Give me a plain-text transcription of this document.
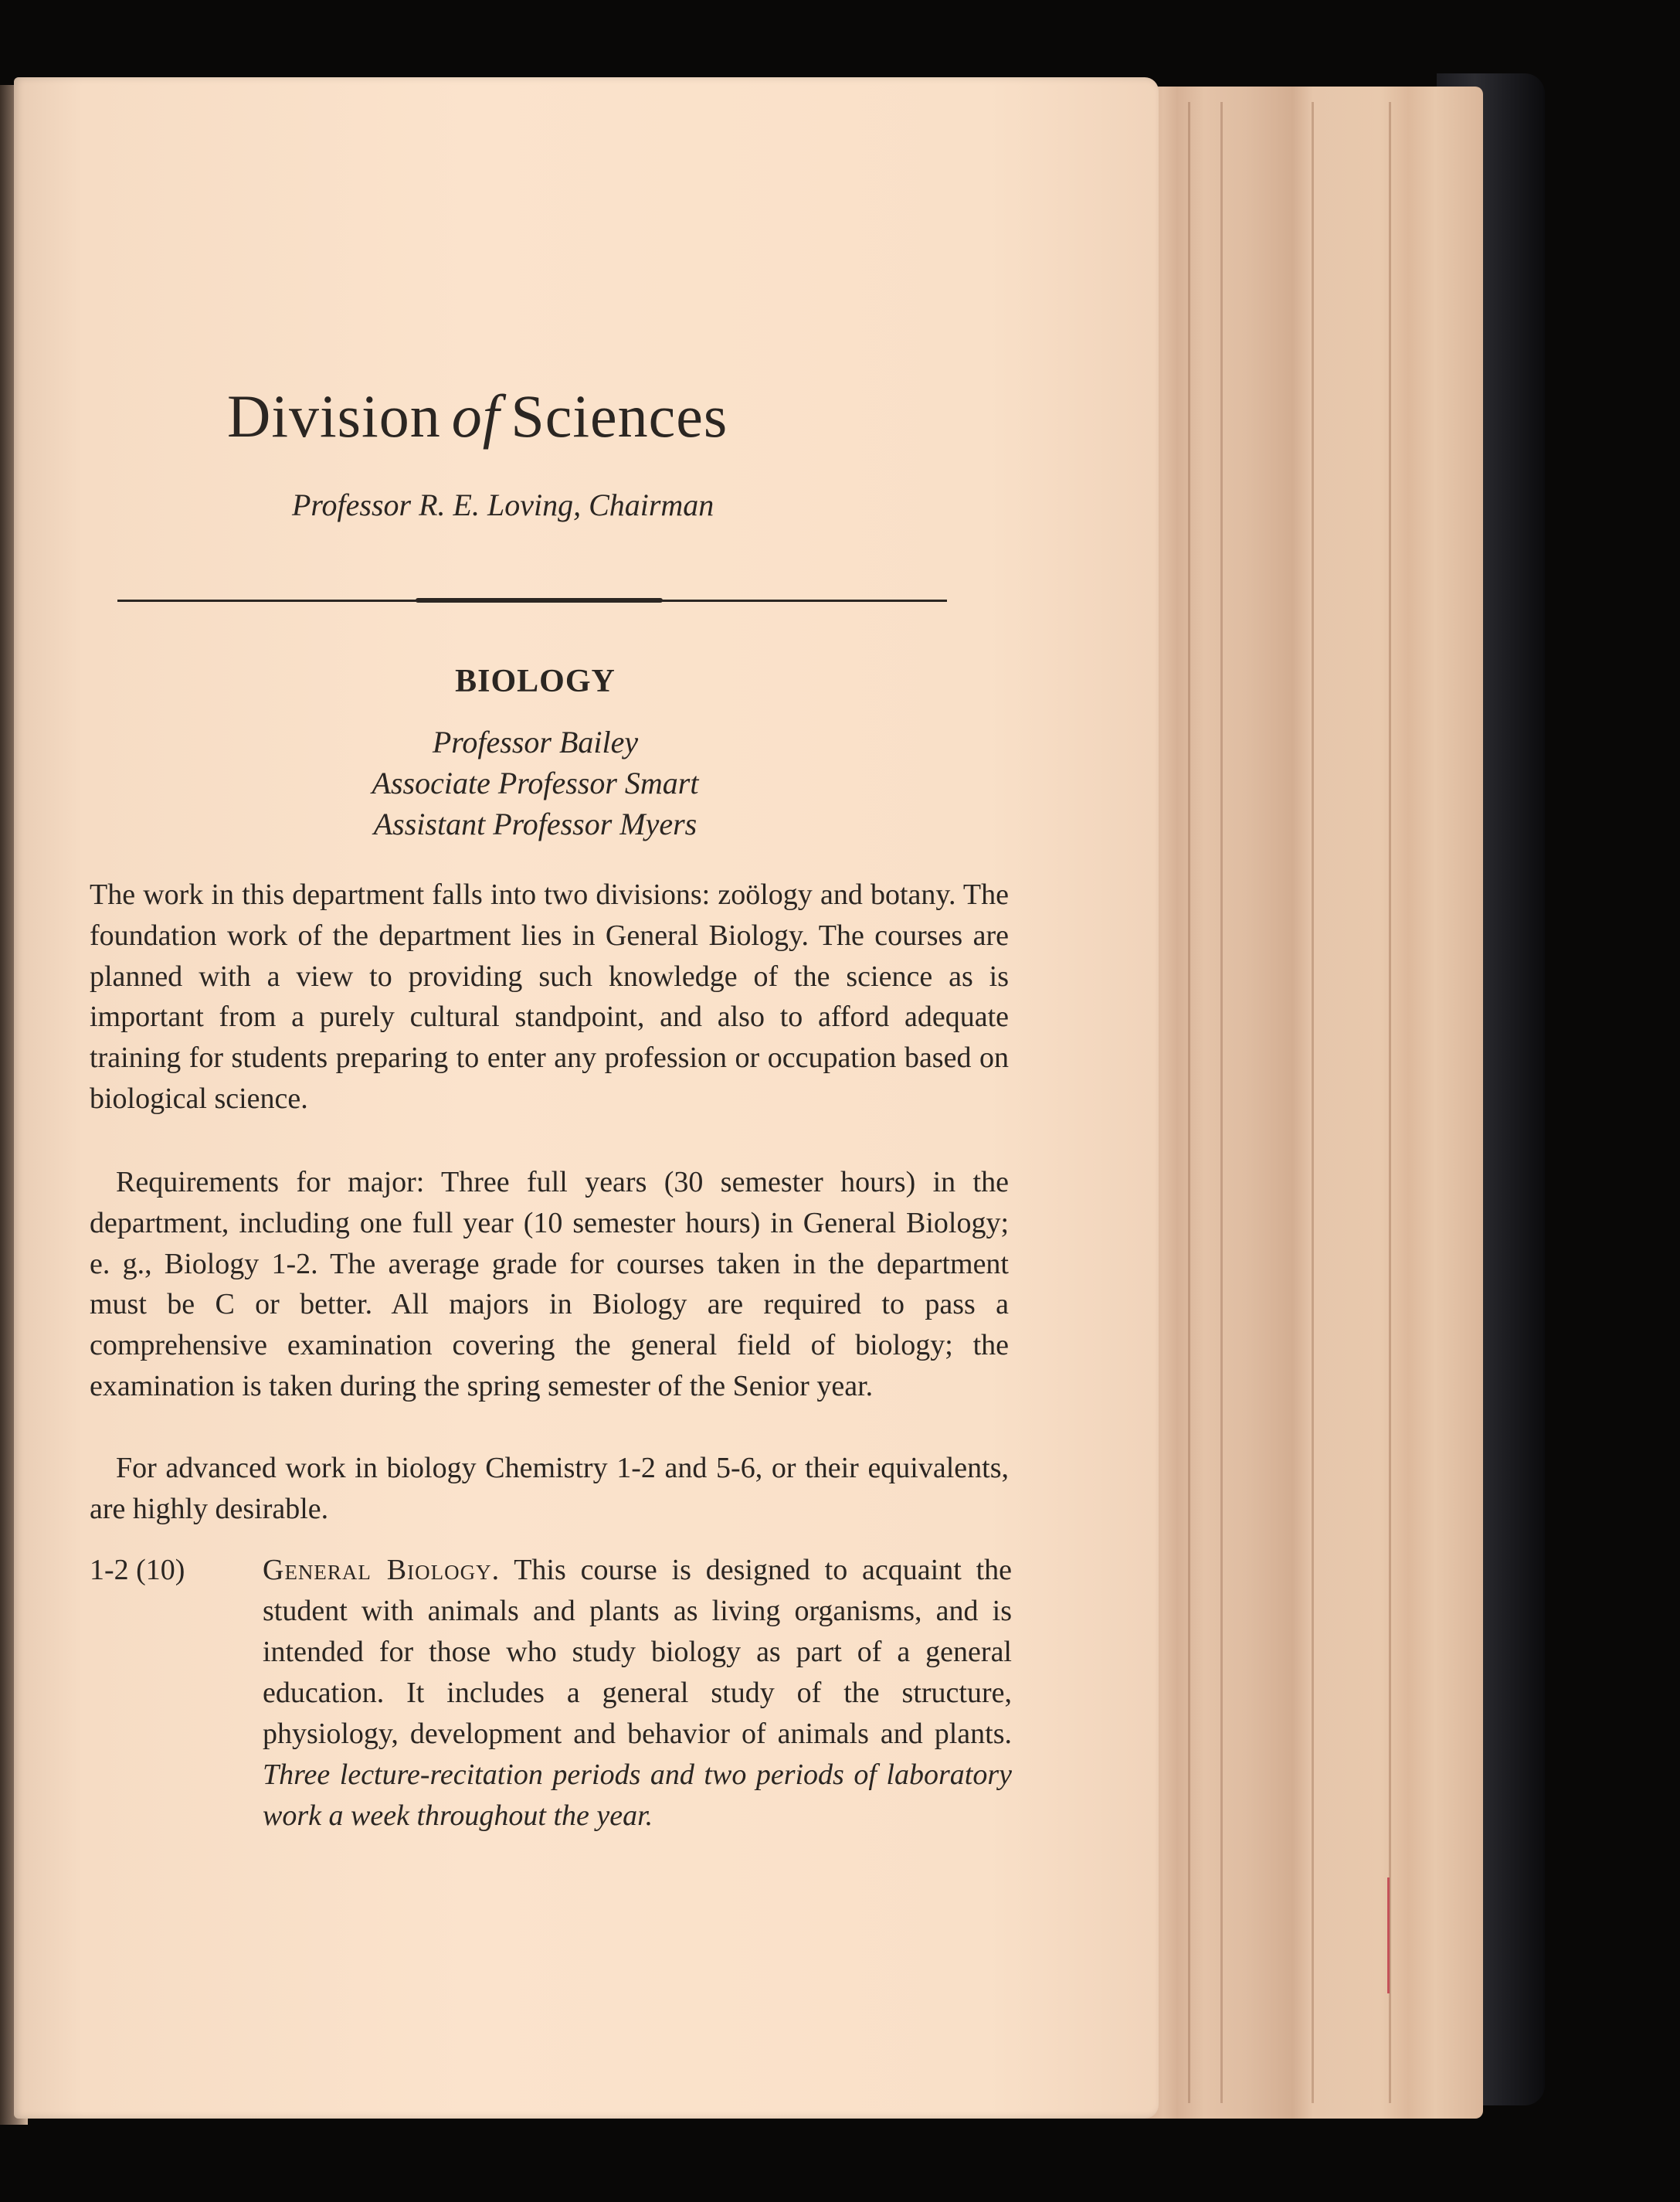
Division of Sciences
Professor R. E. Loving, Chairman
BIOLOGY
Professor Bailey
Associate Professor Smart
Assistant Professor Myers
The work in this department falls into two divisions: zoölogy and botany. The foundation work of the department lies in General Biology. The courses are planned with a view to providing such knowledge of the science as is important from a purely cultural standpoint, and also to afford adequate training for students preparing to enter any profession or occupation based on biological science.
Requirements for major: Three full years (30 semester hours) in the department, including one full year (10 semester hours) in General Biology; e. g., Biology 1-2. The average grade for courses taken in the department must be C or better. All majors in Biology are required to pass a comprehensive examination covering the general field of biology; the examination is taken during the spring semester of the Senior year.
For advanced work in biology Chemistry 1-2 and 5-6, or their equivalents, are highly desirable.
1-2 (10)	General Biology. This course is designed to acquaint the student with animals and plants as living organisms, and is intended for those who study biology as part of a general education. It includes a general study of the structure, physiology, development and behavior of animals and plants. Three lecture-recitation periods and two periods of laboratory work a week throughout the year.
